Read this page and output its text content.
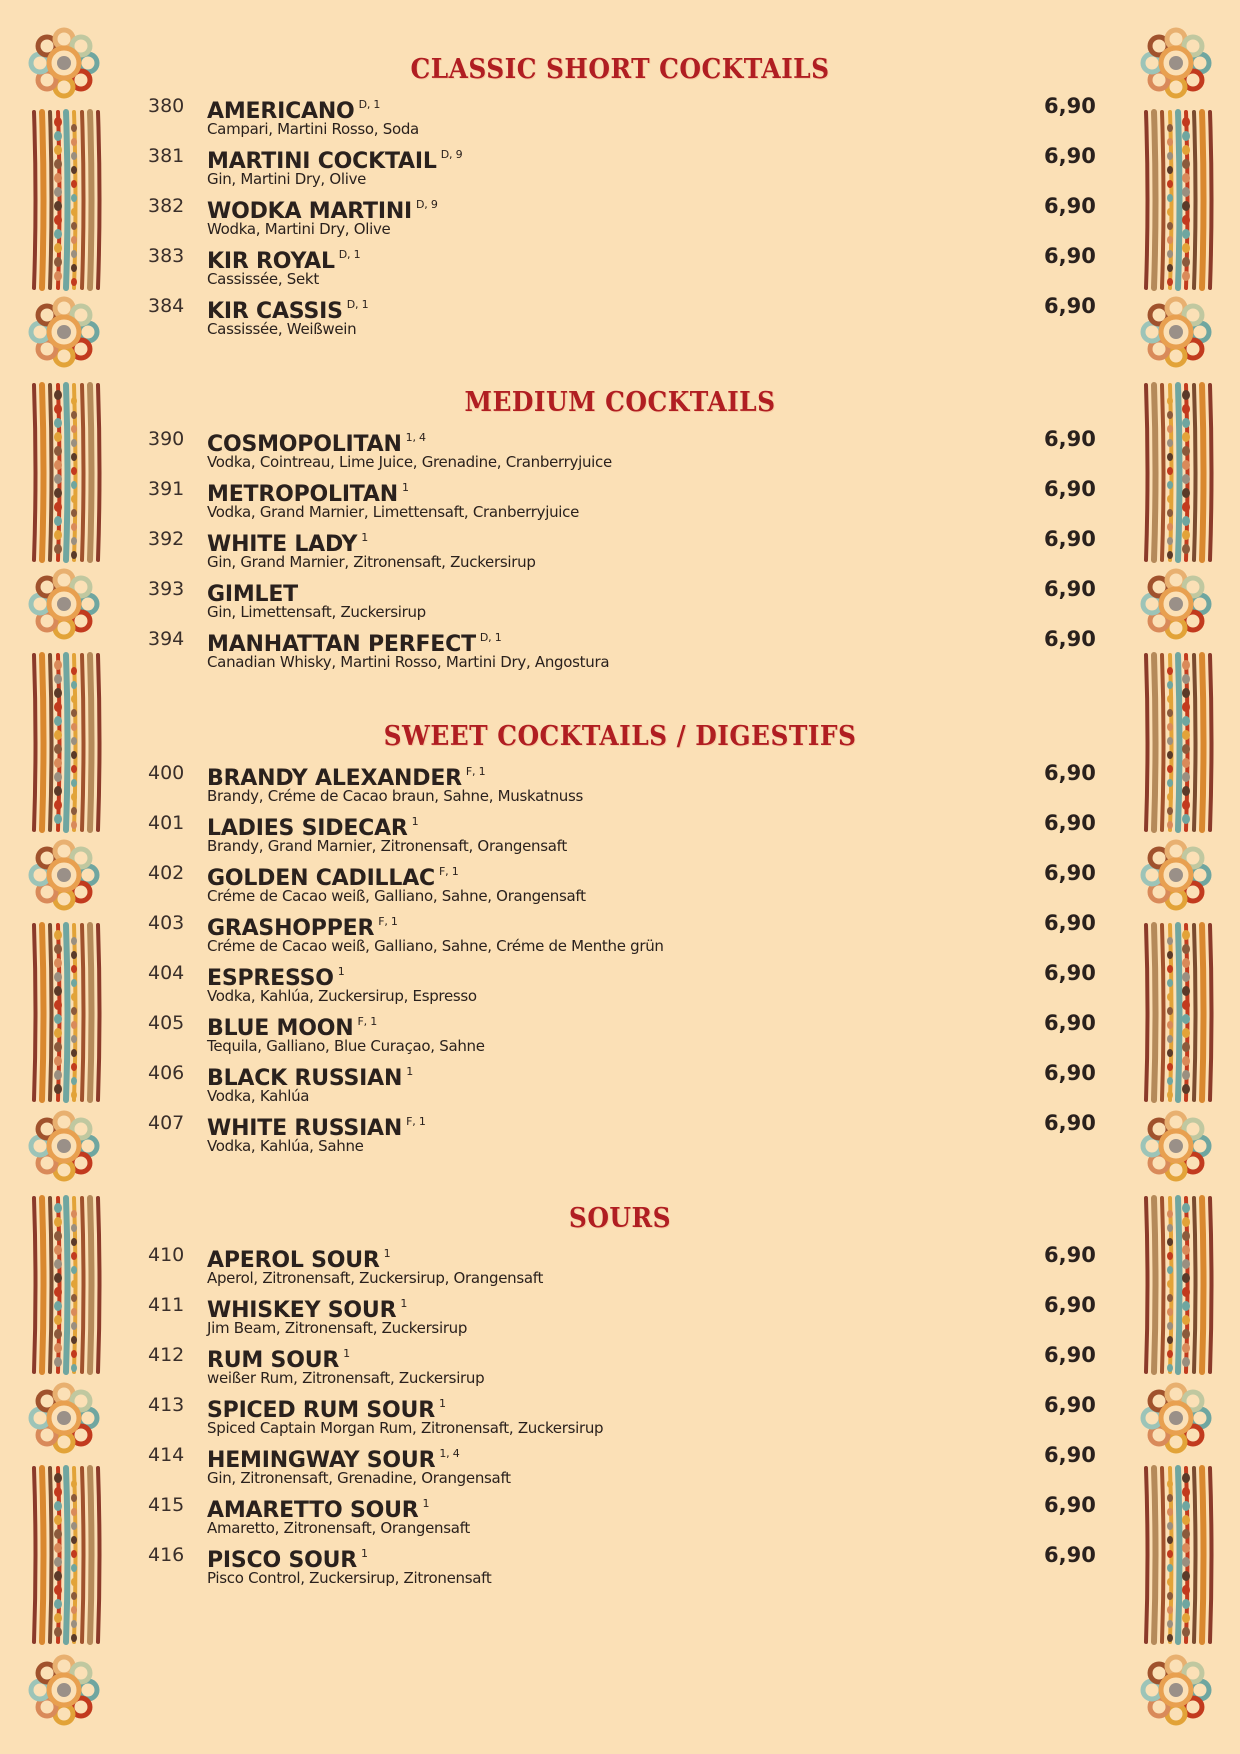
CLASSIC SHORT COCKTAILS
380 AMERICANO $^{D, 1}$
Campari, Martini Rosso, Soda
6,90
381 MARTINI COCKTAIL $^{D, 9}$
Gin, Martini Dry, Olive
6,90
382 WODKA MARTINI $^{D, 9}$
Wodka, Martini Dry, Olive
6,90
383 KIR ROYAL $^{D, 1}$
Cassissée, Sekt
6,90
384 KIR CASSIS $^{D, 1}$
Cassissée, Weißwein
6,90
MEDIUM COCKTAILS
390 COSMOPOLITAN $^{1, 4}$
Vodka, Cointreau, Lime Juice, Grenadine, Cranberryjuice
6,90
391 METROPOLITAN $^1$
Vodka, Grand Marnier, Limettensaft, Cranberryjuice
6,90
392 WHITE LADY $^1$
Gin, Grand Marnier, Zitronensaft, Zuckersirup
6,90
393 GIMLET
Gin, Limettensaft, Zuckersirup
6,90
394 MANHATTAN PERFECT $^{D, 1}$
Canadian Whisky, Martini Rosso, Martini Dry, Angostura
6,90
SWEET COCKTAILS / DIGESTIFS
400 BRANDY ALEXANDER $^{F, 1}$
Brandy, Créme de Cacao braun, Sahne, Muskatnuss
6,90
401 LADIES SIDECAR $^1$
Brandy, Grand Marnier, Zitronensaft, Orangensaft
6,90
402 GOLDEN CADILLAC $^{F, 1}$
Créme de Cacao weiß, Galliano, Sahne, Orangensaft
6,90
403 GRASHOPPER $^{F, 1}$
Créme de Cacao weiß, Galliano, Sahne, Créme de Menthe grün
6,90
404 ESPRESSO $^1$
Vodka, Kahlúa, Zuckersirup, Espresso
6,90
405 BLUE MOON $^{F, 1}$
Tequila, Galliano, Blue Curaçao, Sahne
6,90
406 BLACK RUSSIAN $^1$
Vodka, Kahlúa
6,90
407 WHITE RUSSIAN $^{F, 1}$
Vodka, Kahlúa, Sahne
6,90
SOURS
410 APEROL SOUR $^1$
Aperol, Zitronensaft, Zuckersirup, Orangensaft
6,90
411 WHISKEY SOUR $^1$
Jim Beam, Zitronensaft, Zuckersirup
6,90
412 RUM SOUR $^1$
weißer Rum, Zitronensaft, Zuckersirup
6,90
413 SPICED RUM SOUR $^1$
Spiced Captain Morgan Rum, Zitronensaft, Zuckersirup
6,90
414 HEMINGWAY SOUR $^{1, 4}$
Gin, Zitronensaft, Grenadine, Orangensaft
6,90
415 AMARETTO SOUR $^1$
Amaretto, Zitronensaft, Orangensaft
6,90
416 PISCO SOUR $^1$
Pisco Control, Zuckersirup, Zitronensaft
6,90
